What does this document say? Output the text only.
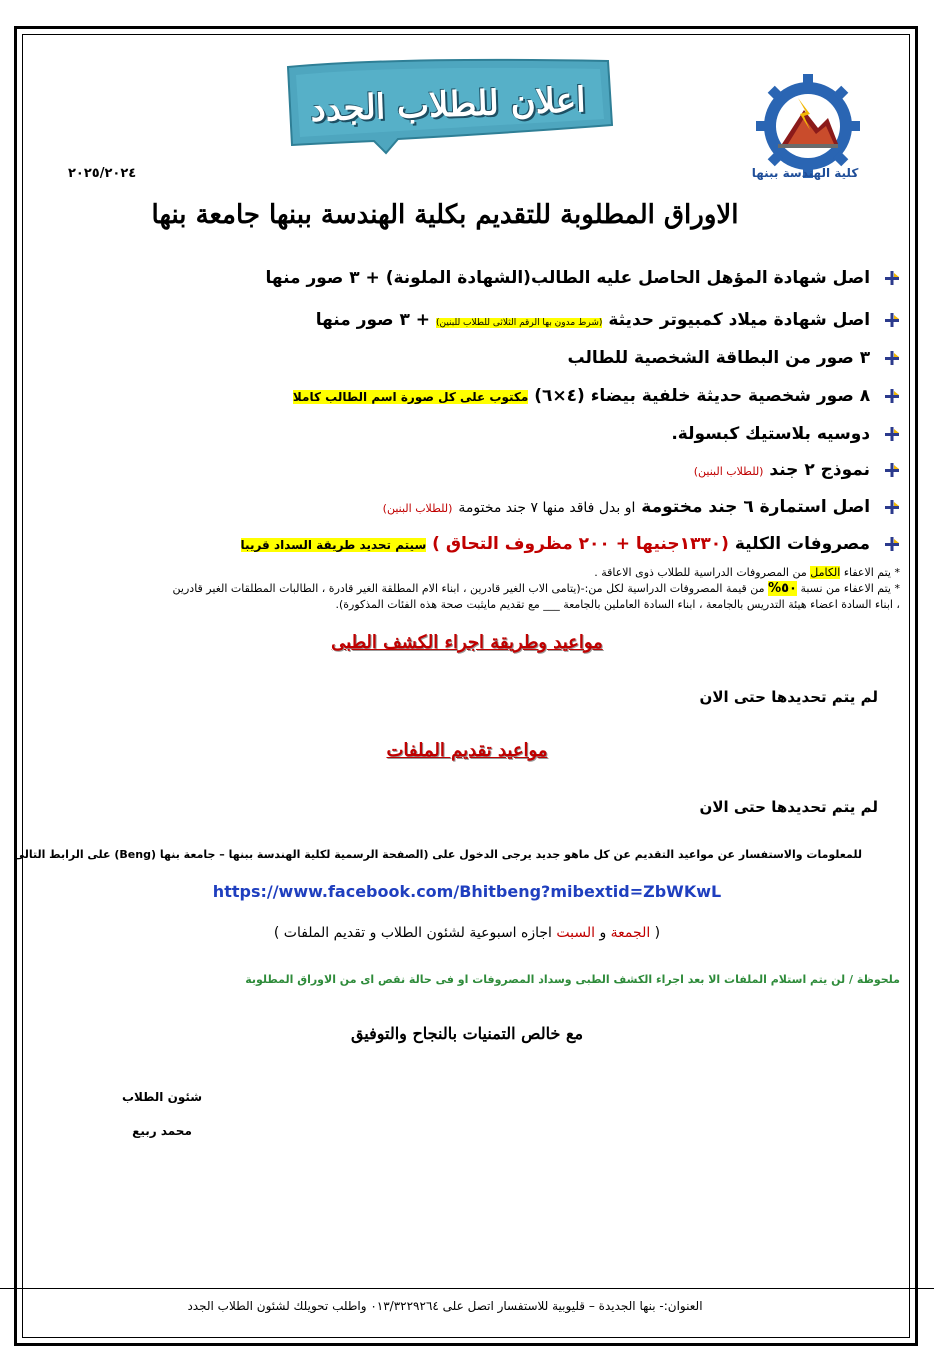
اعلان للطلاب الجدد
كلية الهندسة ببنها
٢٠٢٥/٢٠٢٤
الاوراق المطلوبة للتقديم بكلية الهندسة ببنها جامعة بنها
اصل شهادة المؤهل الحاصل عليه الطالب(الشهادة الملونة) + ٣ صور منها
اصل شهادة ميلاد كمبيوتر حديثة (شرط مدون بها الرقم الثلاثى للطلاب للبنين) + ٣ صور منها
٣ صور من البطاقة الشخصية للطالب
٨ صور شخصية حديثة خلفية بيضاء (٤×٦) مكتوب على كل صورة اسم الطالب كاملا
دوسيه بلاستيك كبسولة.
نموذج ٢ جند (للطلاب البنين)
اصل استمارة ٦ جند مختومة او بدل فاقد منها ٧ جند مختومة (للطلاب البنين)
مصروفات الكلية (١٣٣٠جنيها + ٢٠٠ مظروف التحاق ) سيتم تحديد طريقة السداد قريبا
* يتم الاعفاء الكامل من المصروفات الدراسية للطلاب ذوى الاعاقة .
* يتم الاعفاء من نسبة ٥٠% من قيمة المصروفات الدراسية لكل من:-(يتامى الاب الغير قادرين ، ابناء الام المطلقة الغير قادرة ، الطالبات المطلقات الغير قادرين
، ابناء السادة اعضاء هيئة التدريس بالجامعة ، ابناء السادة العاملين بالجامعة ___ مع تقديم مايثبت صحة هذه الفئات المذكورة).
مواعيد وطريقة اجراء الكشف الطبى
لم يتم تحديدها حتى الان
مواعيد تقديم الملفات
لم يتم تحديدها حتى الان
للمعلومات والاستفسار عن مواعيد التقديم عن كل ماهو جديد يرجى الدخول على (الصفحة الرسمية لكلية الهندسة ببنها – جامعة بنها (Beng) على الرابط التالى
https://www.facebook.com/Bhitbeng?mibextid=ZbWKwL
( الجمعة و السبت اجازه اسبوعية لشئون الطلاب و تقديم الملفات )
ملحوظة / لن يتم استلام الملفات الا بعد اجراء الكشف الطبى وسداد المصروفات او فى حالة نقص اى من الاوراق المطلوبة
مع خالص التمنيات بالنجاح والتوفيق
شئون الطلاب
محمد ربيع
العنوان:- بنها الجديدة – قليوبية للاستفسار اتصل على ٠١٣/٣٢٢٩٢٦٤ واطلب تحويلك لشئون الطلاب الجدد
